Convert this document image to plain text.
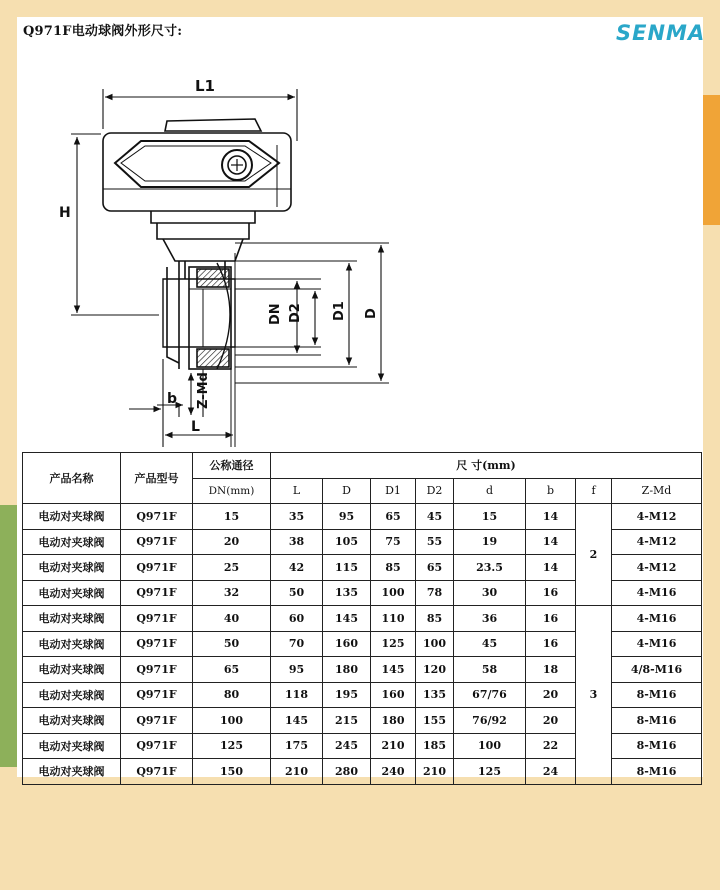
Q971F电动球阀外形尺寸:	SENMA
L1
H
DN D2 D1 D
Z-Md
b
L
产品名称	产品型号	公称通径	尺 寸(mm)							
		DN(mm)	L	D	D1	D2	d	b	f	Z-Md
电动对夹球阀	Q971F	15	35	95	65	45	15	14	2	4-M12
电动对夹球阀	Q971F	20	38	105	75	55	19	14		4-M12
电动对夹球阀	Q971F	25	42	115	85	65	23.5	14		4-M12
电动对夹球阀	Q971F	32	50	135	100	78	30	16		4-M16
电动对夹球阀	Q971F	40	60	145	110	85	36	16	3	4-M16
电动对夹球阀	Q971F	50	70	160	125	100	45	16		4-M16
电动对夹球阀	Q971F	65	95	180	145	120	58	18		4/8-M16
电动对夹球阀	Q971F	80	118	195	160	135	67/76	20		8-M16
电动对夹球阀	Q971F	100	145	215	180	155	76/92	20		8-M16
电动对夹球阀	Q971F	125	175	245	210	185	100	22		8-M16
电动对夹球阀	Q971F	150	210	280	240	210	125	24		8-M16
